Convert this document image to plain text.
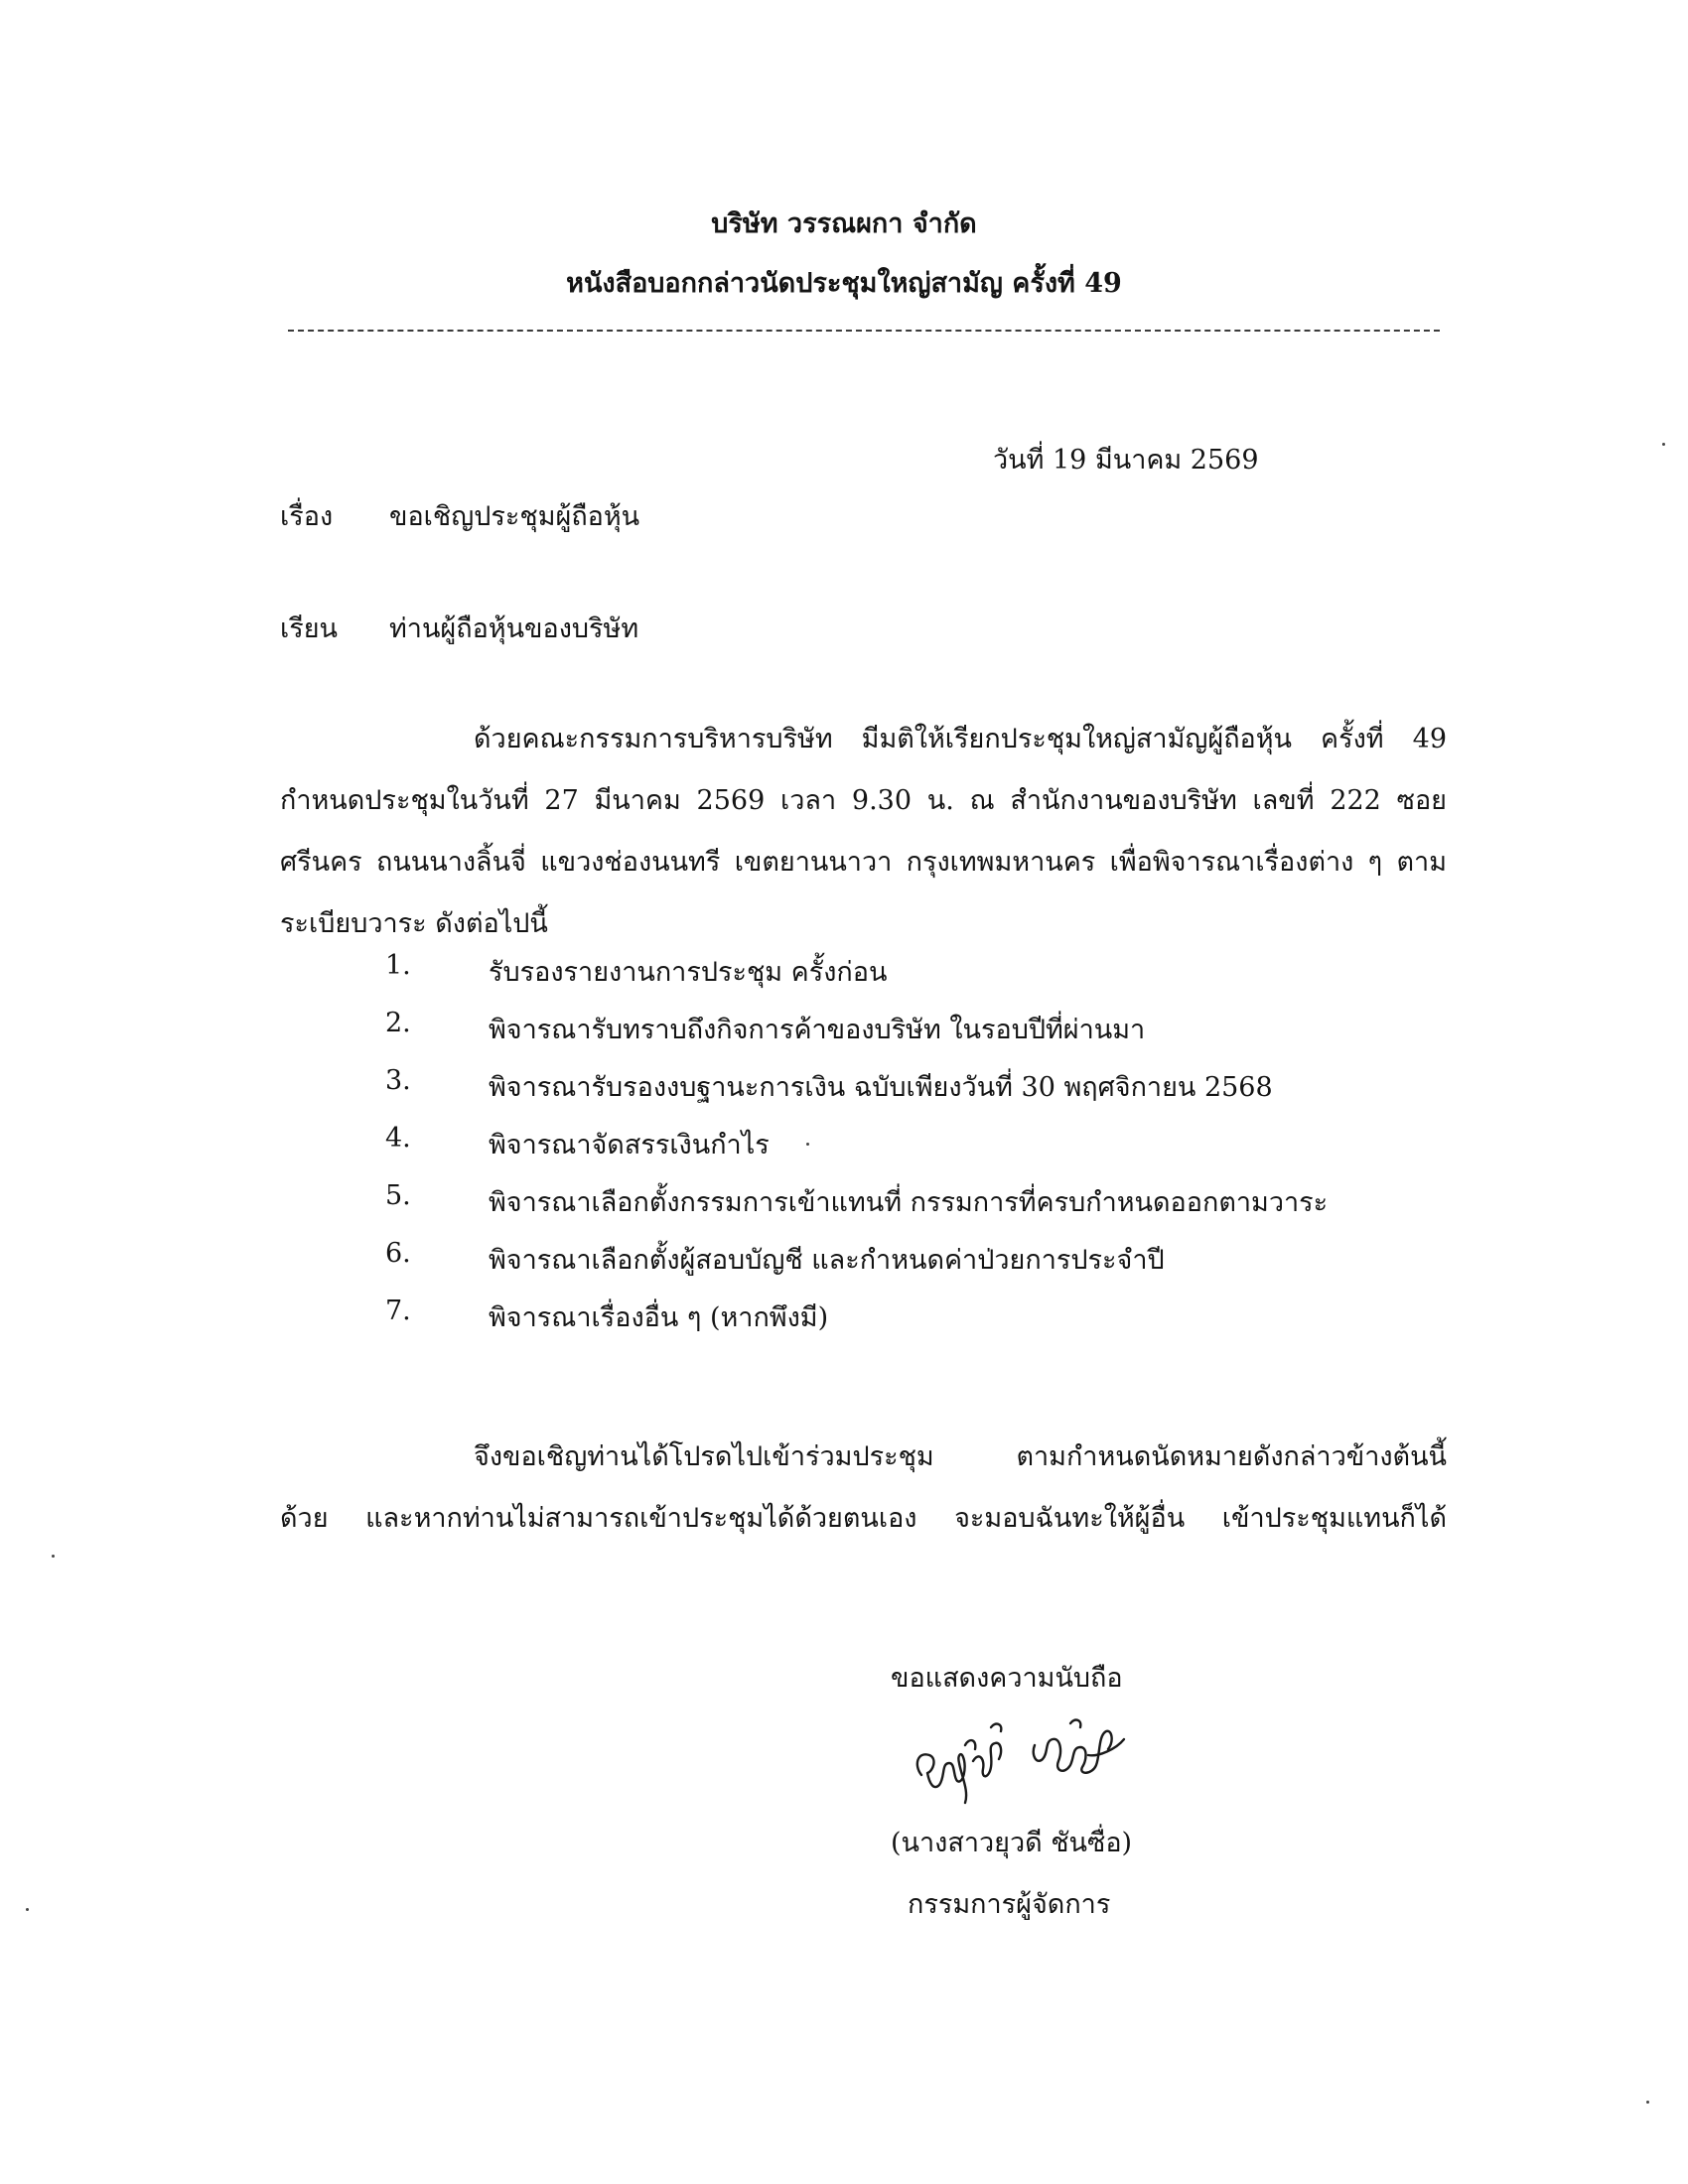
บริษัท วรรณผกา จำกัด
หนังสือบอกกล่าวนัดประชุมใหญ่สามัญ ครั้งที่ 49
วันที่ 19 มีนาคม 2569
เรื่อง ขอเชิญประชุมผู้ถือหุ้น
เรียน ท่านผู้ถือหุ้นของบริษัท
ด้วยคณะกรรมการบริหารบริษัท มีมติให้เรียกประชุมใหญ่สามัญผู้ถือหุ้น ครั้งที่ 49
กำหนดประชุมในวันที่ 27 มีนาคม 2569 เวลา 9.30 น. ณ สำนักงานของบริษัท เลขที่ 222 ซอย
ศรีนคร ถนนนางลิ้นจี่ แขวงช่องนนทรี เขตยานนาวา กรุงเทพมหานคร เพื่อพิจารณาเรื่องต่าง ๆ ตาม
ระเบียบวาระ ดังต่อไปนี้
1.	รับรองรายงานการประชุม ครั้งก่อน
2.	พิจารณารับทราบถึงกิจการค้าของบริษัท ในรอบปีที่ผ่านมา
3.	พิจารณารับรองงบฐานะการเงิน ฉบับเพียงวันที่ 30 พฤศจิกายน 2568
4.	พิจารณาจัดสรรเงินกำไร
5.	พิจารณาเลือกตั้งกรรมการเข้าแทนที่ กรรมการที่ครบกำหนดออกตามวาระ
6.	พิจารณาเลือกตั้งผู้สอบบัญชี และกำหนดค่าป่วยการประจำปี
7.	พิจารณาเรื่องอื่น ๆ (หากพึงมี)
จึงขอเชิญท่านได้โปรดไปเข้าร่วมประชุม ตามกำหนดนัดหมายดังกล่าวข้างต้นนี้
ด้วย และหากท่านไม่สามารถเข้าประชุมได้ด้วยตนเอง จะมอบฉันทะให้ผู้อื่น เข้าประชุมแทนก็ได้
ขอแสดงความนับถือ
(นางสาวยุวดี ชันซื่อ)
กรรมการผู้จัดการ
